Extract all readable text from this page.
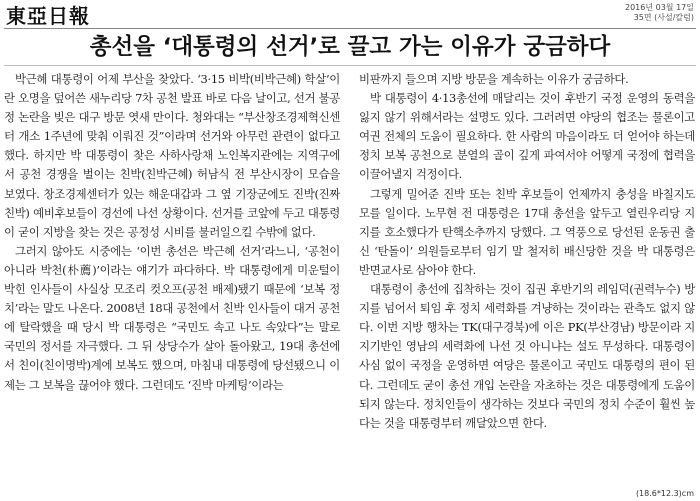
東亞日報	2016년 03월 17일
35면 (사설/칼럼)
총선을 ‘대통령의 선거’로 끌고 가는 이유가 궁금하다

박근혜 대통령이 어제 부산을 찾았다. ‘3·15 비박(비박근혜) 학살’이란 오명을 덮어쓴 새누리당 7차 공천 발표 바로 다음 날이고, 선거 불공정 논란을 빚은 대구 방문 엿새 만이다. 청와대는 “부산창조경제혁신센터 개소 1주년에 맞춰 이뤄진 것”이라며 선거와 아무런 관련이 없다고 했다. 하지만 박 대통령이 찾은 사하사랑채 노인복지관에는 지역구에서 공천 경쟁을 벌이는 친박(친박근혜) 허남식 전 부산시장이 모습을 보였다. 창조경제센터가 있는 해운대갑과 그 옆 기장군에도 진박(진짜 친박) 예비후보들이 경선에 나선 상황이다. 선거를 코앞에 두고 대통령이 굳이 지방을 찾는 것은 공정성 시비를 불러일으킬 수밖에 없다.

그러지 않아도 시중에는 ‘이번 총선은 박근혜 선거’라느니, ‘공천이 아니라 박천(朴薦)’이라는 얘기가 파다하다. 박 대통령에게 미운털이 박힌 인사들이 사실상 모조리 컷오프(공천 배제)됐기 때문에 ‘보복 정치’라는 말도 나온다. 2008년 18대 공천에서 친박 인사들이 대거 공천에 탈락했을 때 당시 박 대통령은 “국민도 속고 나도 속았다”는 말로 국민의 정서를 자극했다. 그 뒤 상당수가 살아 돌아왔고, 19대 총선에서 친이(친이명박)계에 보복도 했으며, 마침내 대통령에 당선됐으니 이제는 그 보복을 끊어야 했다. 그런데도 ‘진박 마케팅’이라는

비판까지 들으며 지방 방문을 계속하는 이유가 궁금하다.

박 대통령이 4·13총선에 매달리는 것이 후반기 국정 운영의 동력을 잃지 않기 위해서라는 설명도 있다. 그러려면 야당의 협조는 물론이고 여권 전체의 도움이 필요하다. 한 사람의 마음이라도 더 얻어야 하는데 정치 보복 공천으로 분열의 골이 깊게 파여서야 어떻게 국정에 협력을 이끌어낼지 걱정이다.

그렇게 밀어준 진박 또는 친박 후보들이 언제까지 충성을 바칠지도 모를 일이다. 노무현 전 대통령은 17대 총선을 앞두고 열린우리당 지지를 호소했다가 탄핵소추까지 당했다. 그 역풍으로 당선된 운동권 출신 ‘탄돌이’ 의원들로부터 임기 말 철저히 배신당한 것을 박 대통령은 반면교사로 삼아야 한다.

대통령이 총선에 집착하는 것이 집권 후반기의 레임덕(권력누수) 방지를 넘어서 퇴임 후 정치 세력화를 겨냥하는 것이라는 관측도 없지 않다. 이번 지방 행차는 TK(대구경북)에 이은 PK(부산경남) 방문이라 지지기반인 영남의 세력화에 나선 것 아니냐는 설도 무성하다. 대통령이 사심 없이 국정을 운영하면 여당은 물론이고 국민도 대통령의 편이 된다. 그런데도 굳이 총선 개입 논란을 자초하는 것은 대통령에게 도움이 되지 않는다. 정치인들이 생각하는 것보다 국민의 정치 수준이 훨씬 높다는 것을 대통령부터 깨달았으면 한다.

(18.6*12.3)cm
